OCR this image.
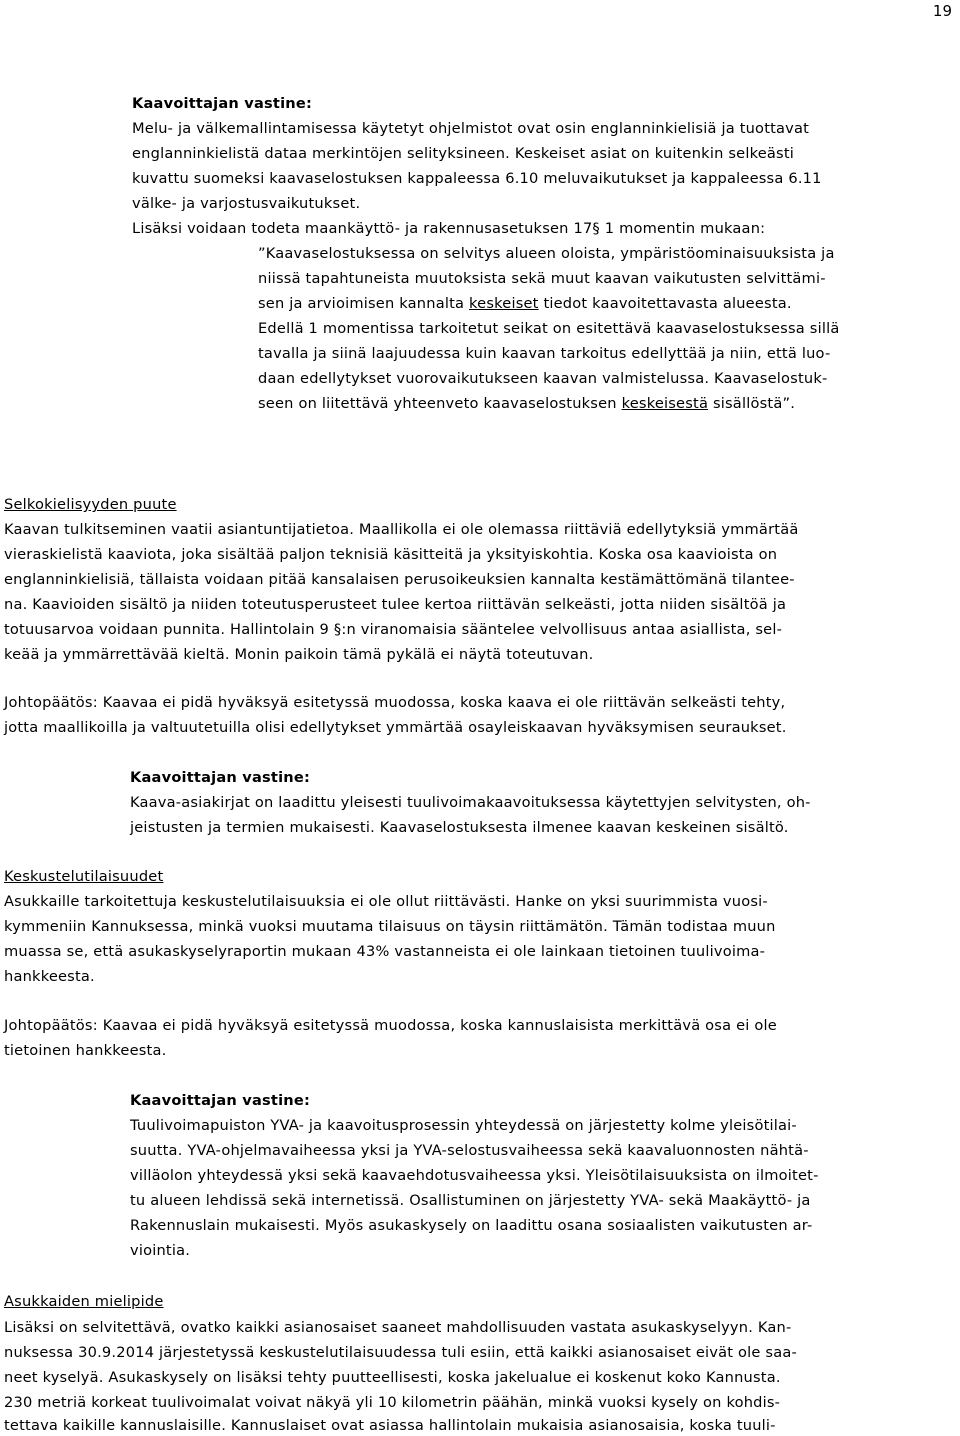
19
Kaavoittajan vastine:
Melu- ja välkemallintamisessa käytetyt ohjelmistot ovat osin englanninkielisiä ja tuottavat
englanninkielistä dataa merkintöjen selityksineen. Keskeiset asiat on kuitenkin selkeästi
kuvattu suomeksi kaavaselostuksen kappaleessa 6.10 meluvaikutukset ja kappaleessa 6.11
välke- ja varjostusvaikutukset.
Lisäksi voidaan todeta maankäyttö- ja rakennusasetuksen 17§ 1 momentin mukaan:
”Kaavaselostuksessa on selvitys alueen oloista, ympäristöominaisuuksista ja
niissä tapahtuneista muutoksista sekä muut kaavan vaikutusten selvittämi-
sen ja arvioimisen kannalta keskeiset tiedot kaavoitettavasta alueesta.
Edellä 1 momentissa tarkoitetut seikat on esitettävä kaavaselostuksessa sillä
tavalla ja siinä laajuudessa kuin kaavan tarkoitus edellyttää ja niin, että luo-
daan edellytykset vuorovaikutukseen kaavan valmistelussa. Kaavaselostuk-
seen on liitettävä yhteenveto kaavaselostuksen keskeisestä sisällöstä”.
Selkokielisyyden puute
Kaavan tulkitseminen vaatii asiantuntijatietoa. Maallikolla ei ole olemassa riittäviä edellytyksiä ymmärtää
vieraskielistä kaaviota, joka sisältää paljon teknisiä käsitteitä ja yksityiskohtia. Koska osa kaavioista on
englanninkielisiä, tällaista voidaan pitää kansalaisen perusoikeuksien kannalta kestämättömänä tilantee-
na. Kaavioiden sisältö ja niiden toteutusperusteet tulee kertoa riittävän selkeästi, jotta niiden sisältöä ja
totuusarvoa voidaan punnita. Hallintolain 9 §:n viranomaisia sääntelee velvollisuus antaa asiallista, sel-
keää ja ymmärrettävää kieltä. Monin paikoin tämä pykälä ei näytä toteutuvan.
Johtopäätös: Kaavaa ei pidä hyväksyä esitetyssä muodossa, koska kaava ei ole riittävän selkeästi tehty,
jotta maallikoilla ja valtuutetuilla olisi edellytykset ymmärtää osayleiskaavan hyväksymisen seuraukset.
Kaavoittajan vastine:
Kaava-asiakirjat on laadittu yleisesti tuulivoimakaavoituksessa käytettyjen selvitysten, oh-
jeistusten ja termien mukaisesti. Kaavaselostuksesta ilmenee kaavan keskeinen sisältö.
Keskustelutilaisuudet
Asukkaille tarkoitettuja keskustelutilaisuuksia ei ole ollut riittävästi. Hanke on yksi suurimmista vuosi-
kymmeniin Kannuksessa, minkä vuoksi muutama tilaisuus on täysin riittämätön. Tämän todistaa muun
muassa se, että asukaskyselyraportin mukaan 43% vastanneista ei ole lainkaan tietoinen tuulivoima-
hankkeesta.
Johtopäätös: Kaavaa ei pidä hyväksyä esitetyssä muodossa, koska kannuslaisista merkittävä osa ei ole
tietoinen hankkeesta.
Kaavoittajan vastine:
Tuulivoimapuiston YVA- ja kaavoitusprosessin yhteydessä on järjestetty kolme yleisötilai-
suutta. YVA-ohjelmavaiheessa yksi ja YVA-selostusvaiheessa sekä kaavaluonnosten nähtä-
villäolon yhteydessä yksi sekä kaavaehdotusvaiheessa yksi. Yleisötilaisuuksista on ilmoitet-
tu alueen lehdissä sekä internetissä. Osallistuminen on järjestetty YVA- sekä Maakäyttö- ja
Rakennuslain mukaisesti. Myös asukaskysely on laadittu osana sosiaalisten vaikutusten ar-
viointia.
Asukkaiden mielipide
Lisäksi on selvitettävä, ovatko kaikki asianosaiset saaneet mahdollisuuden vastata asukaskyselyyn. Kan-
nuksessa 30.9.2014 järjestetyssä keskustelutilaisuudessa tuli esiin, että kaikki asianosaiset eivät ole saa-
neet kyselyä. Asukaskysely on lisäksi tehty puutteellisesti, koska jakelualue ei koskenut koko Kannusta.
230 metriä korkeat tuulivoimalat voivat näkyä yli 10 kilometrin päähän, minkä vuoksi kysely on kohdis-
tettava kaikille kannuslaisille. Kannuslaiset ovat asiassa hallintolain mukaisia asianosaisia, koska tuuli-
